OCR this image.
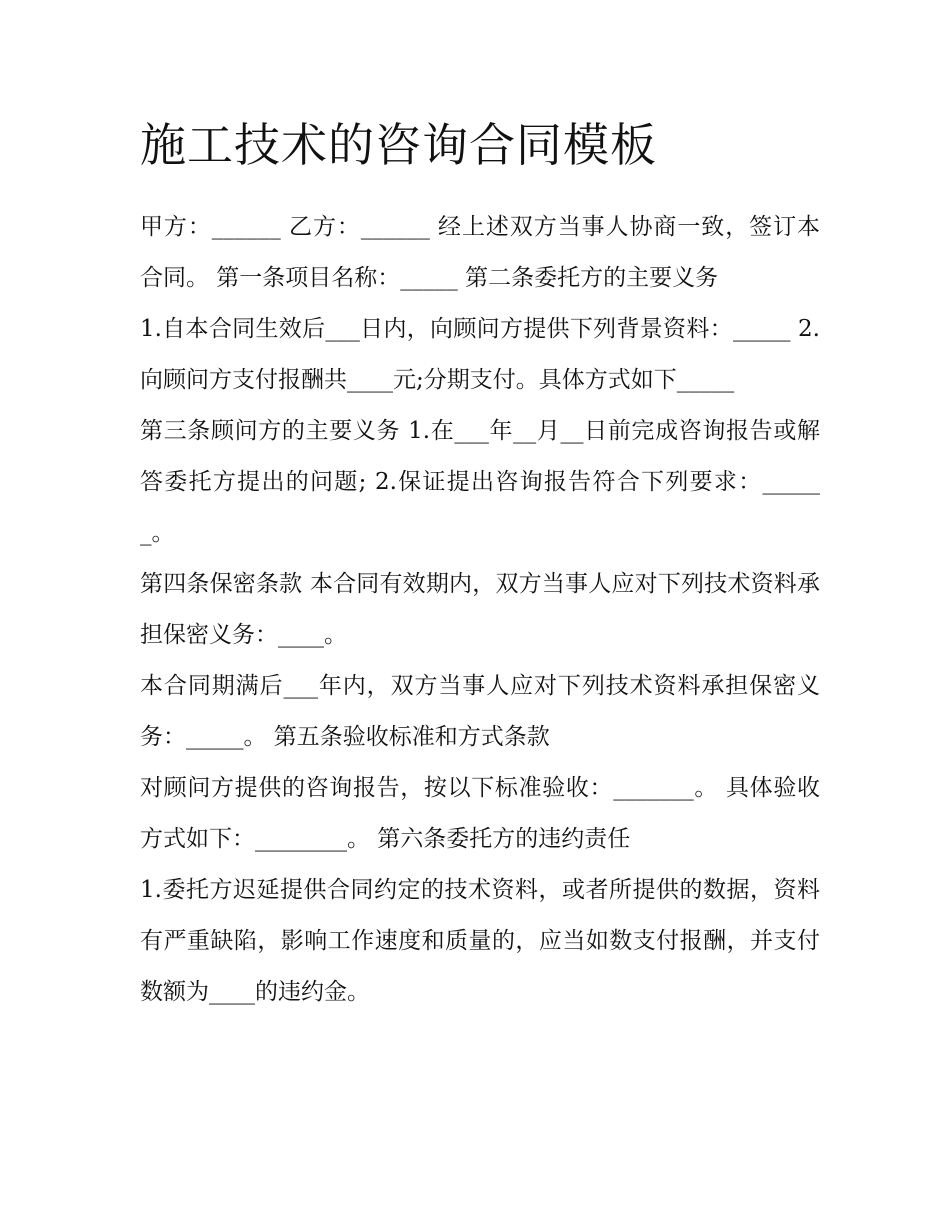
施工技术的咨询合同模板

甲方：______ 乙方：______ 经上述双方当事人协商一致，签订本合同。 第一条项目名称：_____ 第二条委托方的主要义务

1.自本合同生效后___日内，向顾问方提供下列背景资料：_____ 2.向顾问方支付报酬共____元;分期支付。具体方式如下_____

第三条顾问方的主要义务 1.在___年__月__日前完成咨询报告或解答委托方提出的问题; 2.保证提出咨询报告符合下列要求：______。

第四条保密条款 本合同有效期内，双方当事人应对下列技术资料承担保密义务：____。

本合同期满后___年内，双方当事人应对下列技术资料承担保密义务：_____。 第五条验收标准和方式条款

对顾问方提供的咨询报告，按以下标准验收：_______。 具体验收方式如下：________。 第六条委托方的违约责任

1.委托方迟延提供合同约定的技术资料，或者所提供的数据，资料有严重缺陷，影响工作速度和质量的，应当如数支付报酬，并支付数额为____的违约金。
